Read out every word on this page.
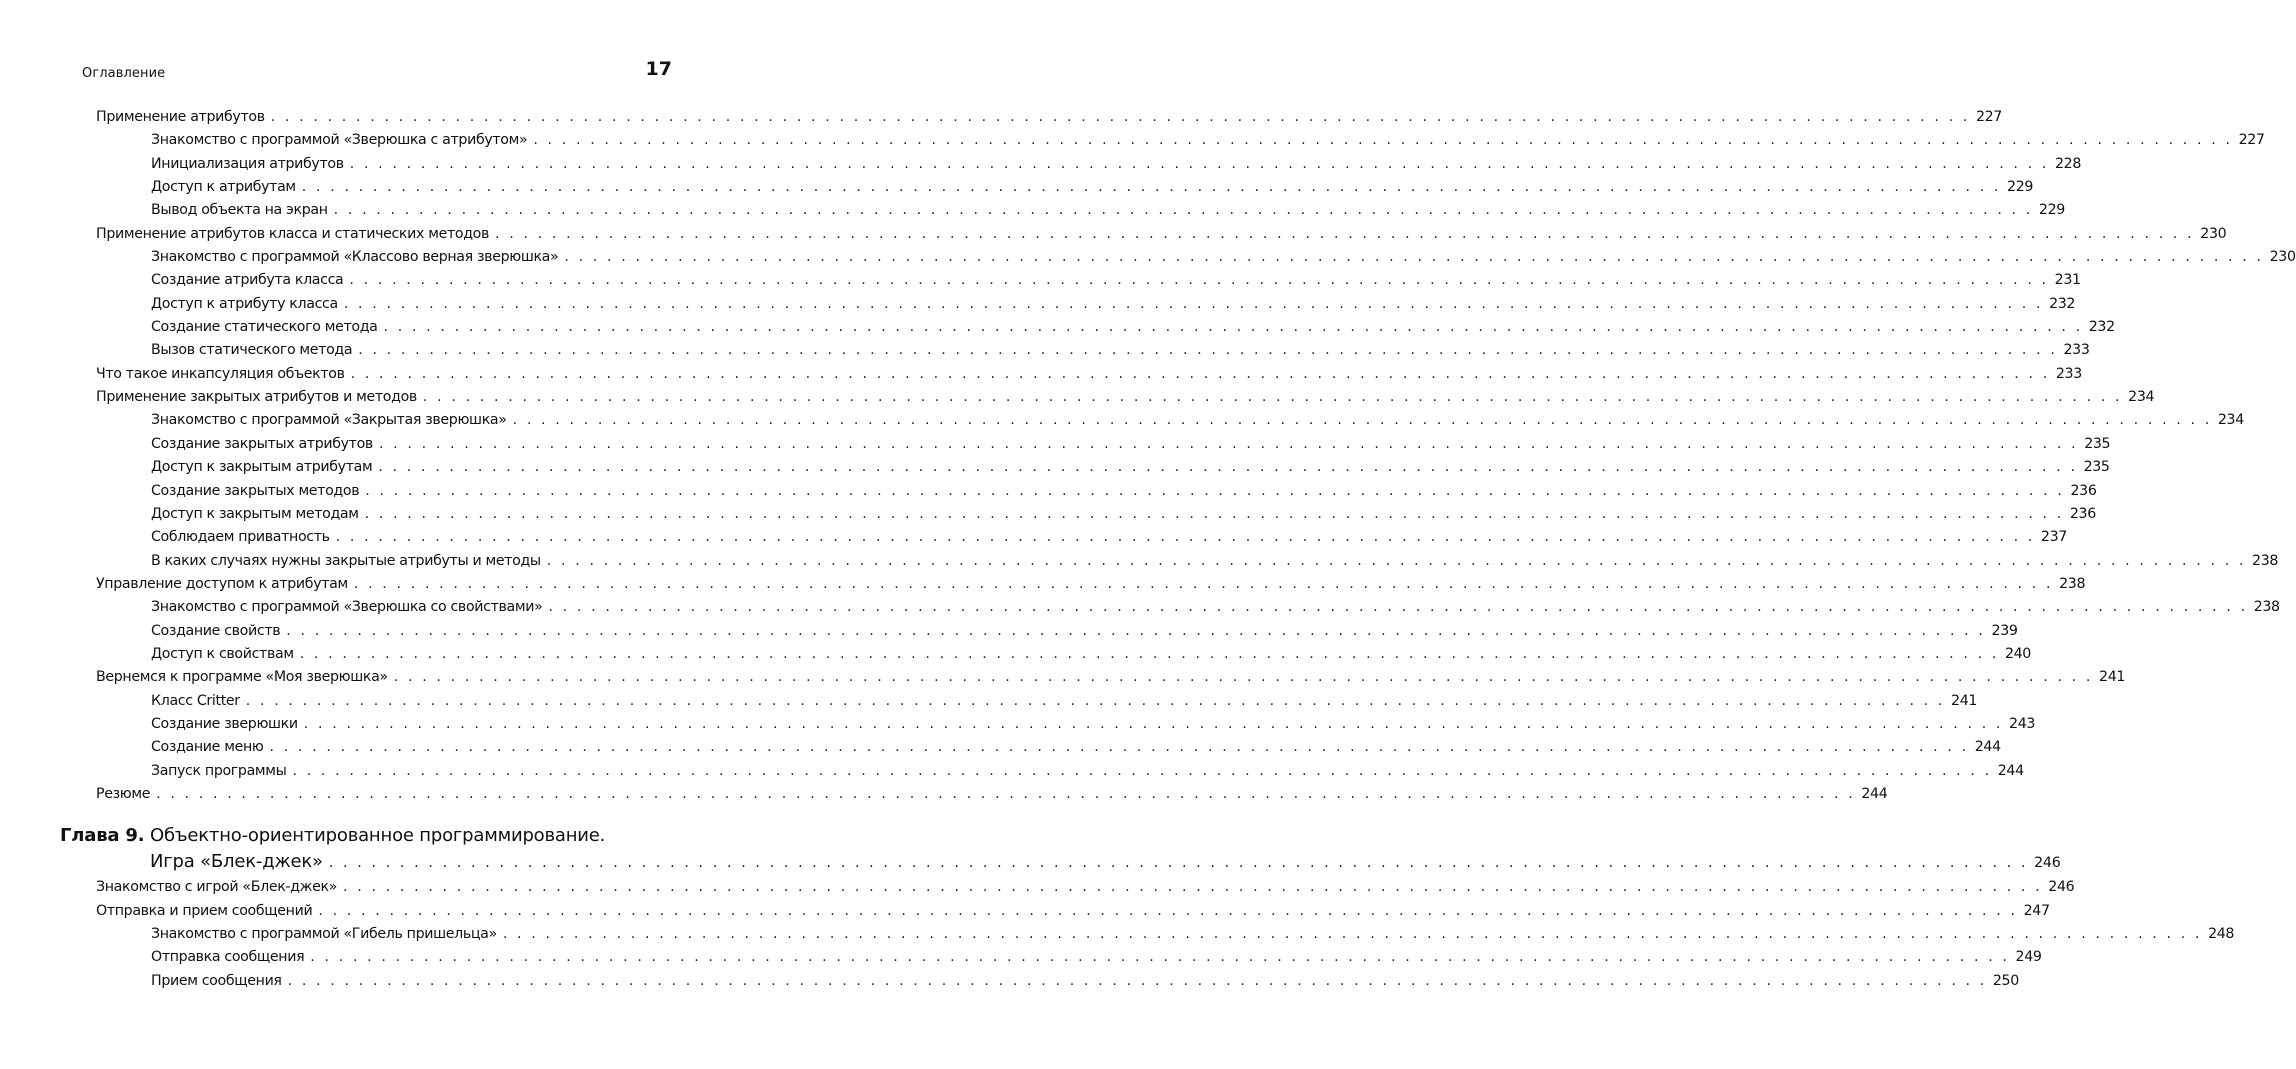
Оглавление	17
Применение атрибутов . . . . . . . . . . . . . . . . . . . . . . . . . . . . . . . . . . . . . . . . . . . . . . . . . . . . . . . . . . . . . . . . . . . . . . . . . . . . . . . . . . . . . . . . . . . . . . . . . . . . . . . . . . . . . . . . . . . . . . . . 227
Знакомство с программой «Зверюшка с атрибутом» . . . . . . . . . . . . . . . . . . . . . . . . . . . . . . . . . . . . . . . . . . . . . . . . . . . . . . . . . . . . . . . . . . . . . . . . . . . . . . . . . . . . . . . . . . . . . . . . . . . . . . . . . . . . . . . . . . . . . . . . 227
Инициализация атрибутов . . . . . . . . . . . . . . . . . . . . . . . . . . . . . . . . . . . . . . . . . . . . . . . . . . . . . . . . . . . . . . . . . . . . . . . . . . . . . . . . . . . . . . . . . . . . . . . . . . . . . . . . . . . . . . . . . . . . . . . . 228
Доступ к атрибутам . . . . . . . . . . . . . . . . . . . . . . . . . . . . . . . . . . . . . . . . . . . . . . . . . . . . . . . . . . . . . . . . . . . . . . . . . . . . . . . . . . . . . . . . . . . . . . . . . . . . . . . . . . . . . . . . . . . . . . . . 229
Вывод объекта на экран . . . . . . . . . . . . . . . . . . . . . . . . . . . . . . . . . . . . . . . . . . . . . . . . . . . . . . . . . . . . . . . . . . . . . . . . . . . . . . . . . . . . . . . . . . . . . . . . . . . . . . . . . . . . . . . . . . . . . . . . 229
Применение атрибутов класса и статических методов . . . . . . . . . . . . . . . . . . . . . . . . . . . . . . . . . . . . . . . . . . . . . . . . . . . . . . . . . . . . . . . . . . . . . . . . . . . . . . . . . . . . . . . . . . . . . . . . . . . . . . . . . . . . . . . . . . . . . . . . 230
Знакомство с программой «Классово верная зверюшка» . . . . . . . . . . . . . . . . . . . . . . . . . . . . . . . . . . . . . . . . . . . . . . . . . . . . . . . . . . . . . . . . . . . . . . . . . . . . . . . . . . . . . . . . . . . . . . . . . . . . . . . . . . . . . . . . . . . . . . . . 230
Создание атрибута класса . . . . . . . . . . . . . . . . . . . . . . . . . . . . . . . . . . . . . . . . . . . . . . . . . . . . . . . . . . . . . . . . . . . . . . . . . . . . . . . . . . . . . . . . . . . . . . . . . . . . . . . . . . . . . . . . . . . . . . . . 231
Доступ к атрибуту класса . . . . . . . . . . . . . . . . . . . . . . . . . . . . . . . . . . . . . . . . . . . . . . . . . . . . . . . . . . . . . . . . . . . . . . . . . . . . . . . . . . . . . . . . . . . . . . . . . . . . . . . . . . . . . . . . . . . . . . . . 232
Создание статического метода . . . . . . . . . . . . . . . . . . . . . . . . . . . . . . . . . . . . . . . . . . . . . . . . . . . . . . . . . . . . . . . . . . . . . . . . . . . . . . . . . . . . . . . . . . . . . . . . . . . . . . . . . . . . . . . . . . . . . . . . 232
Вызов статического метода . . . . . . . . . . . . . . . . . . . . . . . . . . . . . . . . . . . . . . . . . . . . . . . . . . . . . . . . . . . . . . . . . . . . . . . . . . . . . . . . . . . . . . . . . . . . . . . . . . . . . . . . . . . . . . . . . . . . . . . . 233
Что такое инкапсуляция объектов . . . . . . . . . . . . . . . . . . . . . . . . . . . . . . . . . . . . . . . . . . . . . . . . . . . . . . . . . . . . . . . . . . . . . . . . . . . . . . . . . . . . . . . . . . . . . . . . . . . . . . . . . . . . . . . . . . . . . . . . 233
Применение закрытых атрибутов и методов . . . . . . . . . . . . . . . . . . . . . . . . . . . . . . . . . . . . . . . . . . . . . . . . . . . . . . . . . . . . . . . . . . . . . . . . . . . . . . . . . . . . . . . . . . . . . . . . . . . . . . . . . . . . . . . . . . . . . . . . 234
Знакомство с программой «Закрытая зверюшка» . . . . . . . . . . . . . . . . . . . . . . . . . . . . . . . . . . . . . . . . . . . . . . . . . . . . . . . . . . . . . . . . . . . . . . . . . . . . . . . . . . . . . . . . . . . . . . . . . . . . . . . . . . . . . . . . . . . . . . . . 234
Создание закрытых атрибутов . . . . . . . . . . . . . . . . . . . . . . . . . . . . . . . . . . . . . . . . . . . . . . . . . . . . . . . . . . . . . . . . . . . . . . . . . . . . . . . . . . . . . . . . . . . . . . . . . . . . . . . . . . . . . . . . . . . . . . . . 235
Доступ к закрытым атрибутам . . . . . . . . . . . . . . . . . . . . . . . . . . . . . . . . . . . . . . . . . . . . . . . . . . . . . . . . . . . . . . . . . . . . . . . . . . . . . . . . . . . . . . . . . . . . . . . . . . . . . . . . . . . . . . . . . . . . . . . . 235
Создание закрытых методов . . . . . . . . . . . . . . . . . . . . . . . . . . . . . . . . . . . . . . . . . . . . . . . . . . . . . . . . . . . . . . . . . . . . . . . . . . . . . . . . . . . . . . . . . . . . . . . . . . . . . . . . . . . . . . . . . . . . . . . . 236
Доступ к закрытым методам . . . . . . . . . . . . . . . . . . . . . . . . . . . . . . . . . . . . . . . . . . . . . . . . . . . . . . . . . . . . . . . . . . . . . . . . . . . . . . . . . . . . . . . . . . . . . . . . . . . . . . . . . . . . . . . . . . . . . . . . 236
Соблюдаем приватность . . . . . . . . . . . . . . . . . . . . . . . . . . . . . . . . . . . . . . . . . . . . . . . . . . . . . . . . . . . . . . . . . . . . . . . . . . . . . . . . . . . . . . . . . . . . . . . . . . . . . . . . . . . . . . . . . . . . . . . . 237
В каких случаях нужны закрытые атрибуты и методы . . . . . . . . . . . . . . . . . . . . . . . . . . . . . . . . . . . . . . . . . . . . . . . . . . . . . . . . . . . . . . . . . . . . . . . . . . . . . . . . . . . . . . . . . . . . . . . . . . . . . . . . . . . . . . . . . . . . . . . . 238
Управление доступом к атрибутам . . . . . . . . . . . . . . . . . . . . . . . . . . . . . . . . . . . . . . . . . . . . . . . . . . . . . . . . . . . . . . . . . . . . . . . . . . . . . . . . . . . . . . . . . . . . . . . . . . . . . . . . . . . . . . . . . . . . . . . . 238
Знакомство с программой «Зверюшка со свойствами» . . . . . . . . . . . . . . . . . . . . . . . . . . . . . . . . . . . . . . . . . . . . . . . . . . . . . . . . . . . . . . . . . . . . . . . . . . . . . . . . . . . . . . . . . . . . . . . . . . . . . . . . . . . . . . . . . . . . . . . . 238
Создание свойств . . . . . . . . . . . . . . . . . . . . . . . . . . . . . . . . . . . . . . . . . . . . . . . . . . . . . . . . . . . . . . . . . . . . . . . . . . . . . . . . . . . . . . . . . . . . . . . . . . . . . . . . . . . . . . . . . . . . . . . . 239
Доступ к свойствам . . . . . . . . . . . . . . . . . . . . . . . . . . . . . . . . . . . . . . . . . . . . . . . . . . . . . . . . . . . . . . . . . . . . . . . . . . . . . . . . . . . . . . . . . . . . . . . . . . . . . . . . . . . . . . . . . . . . . . . . 240
Вернемся к программе «Моя зверюшка» . . . . . . . . . . . . . . . . . . . . . . . . . . . . . . . . . . . . . . . . . . . . . . . . . . . . . . . . . . . . . . . . . . . . . . . . . . . . . . . . . . . . . . . . . . . . . . . . . . . . . . . . . . . . . . . . . . . . . . . . 241
Класс Critter . . . . . . . . . . . . . . . . . . . . . . . . . . . . . . . . . . . . . . . . . . . . . . . . . . . . . . . . . . . . . . . . . . . . . . . . . . . . . . . . . . . . . . . . . . . . . . . . . . . . . . . . . . . . . . . . . . . . . . . . 241
Создание зверюшки . . . . . . . . . . . . . . . . . . . . . . . . . . . . . . . . . . . . . . . . . . . . . . . . . . . . . . . . . . . . . . . . . . . . . . . . . . . . . . . . . . . . . . . . . . . . . . . . . . . . . . . . . . . . . . . . . . . . . . . . 243
Создание меню . . . . . . . . . . . . . . . . . . . . . . . . . . . . . . . . . . . . . . . . . . . . . . . . . . . . . . . . . . . . . . . . . . . . . . . . . . . . . . . . . . . . . . . . . . . . . . . . . . . . . . . . . . . . . . . . . . . . . . . . 244
Запуск программы . . . . . . . . . . . . . . . . . . . . . . . . . . . . . . . . . . . . . . . . . . . . . . . . . . . . . . . . . . . . . . . . . . . . . . . . . . . . . . . . . . . . . . . . . . . . . . . . . . . . . . . . . . . . . . . . . . . . . . . . 244
Резюме . . . . . . . . . . . . . . . . . . . . . . . . . . . . . . . . . . . . . . . . . . . . . . . . . . . . . . . . . . . . . . . . . . . . . . . . . . . . . . . . . . . . . . . . . . . . . . . . . . . . . . . . . . . . . . . . . . . . . . . . 244
Глава 9. Объектно-ориентированное программирование.
Игра «Блек-джек» . . . . . . . . . . . . . . . . . . . . . . . . . . . . . . . . . . . . . . . . . . . . . . . . . . . . . . . . . . . . . . . . . . . . . . . . . . . . . . . . . . . . . . . . . . . . . . . . . . . . . . . . . . . . . . . . . . . . . . . . 246
Знакомство с игрой «Блек-джек» . . . . . . . . . . . . . . . . . . . . . . . . . . . . . . . . . . . . . . . . . . . . . . . . . . . . . . . . . . . . . . . . . . . . . . . . . . . . . . . . . . . . . . . . . . . . . . . . . . . . . . . . . . . . . . . . . . . . . . . . 246
Отправка и прием сообщений . . . . . . . . . . . . . . . . . . . . . . . . . . . . . . . . . . . . . . . . . . . . . . . . . . . . . . . . . . . . . . . . . . . . . . . . . . . . . . . . . . . . . . . . . . . . . . . . . . . . . . . . . . . . . . . . . . . . . . . . 247
Знакомство с программой «Гибель пришельца» . . . . . . . . . . . . . . . . . . . . . . . . . . . . . . . . . . . . . . . . . . . . . . . . . . . . . . . . . . . . . . . . . . . . . . . . . . . . . . . . . . . . . . . . . . . . . . . . . . . . . . . . . . . . . . . . . . . . . . . . 248
Отправка сообщения . . . . . . . . . . . . . . . . . . . . . . . . . . . . . . . . . . . . . . . . . . . . . . . . . . . . . . . . . . . . . . . . . . . . . . . . . . . . . . . . . . . . . . . . . . . . . . . . . . . . . . . . . . . . . . . . . . . . . . . . 249
Прием сообщения . . . . . . . . . . . . . . . . . . . . . . . . . . . . . . . . . . . . . . . . . . . . . . . . . . . . . . . . . . . . . . . . . . . . . . . . . . . . . . . . . . . . . . . . . . . . . . . . . . . . . . . . . . . . . . . . . . . . . . . . 250
